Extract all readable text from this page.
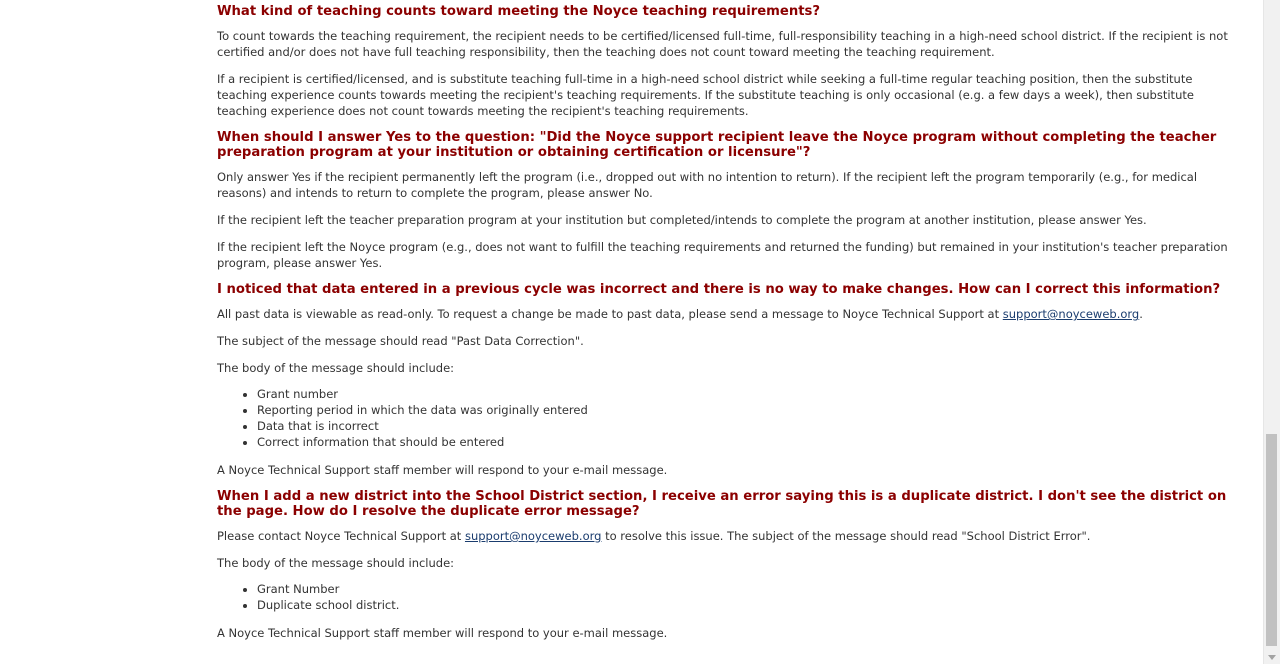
What kind of teaching counts toward meeting the Noyce teaching requirements?

To count towards the teaching requirement, the recipient needs to be certified/licensed full-time, full-responsibility teaching in a high-need school district. If the recipient is not certified and/or does not have full teaching responsibility, then the teaching does not count toward meeting the teaching requirement.

If a recipient is certified/licensed, and is substitute teaching full-time in a high-need school district while seeking a full-time regular teaching position, then the substitute teaching experience counts towards meeting the recipient's teaching requirements. If the substitute teaching is only occasional (e.g. a few days a week), then substitute teaching experience does not count towards meeting the recipient's teaching requirements.

When should I answer Yes to the question: "Did the Noyce support recipient leave the Noyce program without completing the teacher preparation program at your institution or obtaining certification or licensure"?

Only answer Yes if the recipient permanently left the program (i.e., dropped out with no intention to return). If the recipient left the program temporarily (e.g., for medical reasons) and intends to return to complete the program, please answer No.

If the recipient left the teacher preparation program at your institution but completed/intends to complete the program at another institution, please answer Yes.

If the recipient left the Noyce program (e.g., does not want to fulfill the teaching requirements and returned the funding) but remained in your institution's teacher preparation program, please answer Yes.

I noticed that data entered in a previous cycle was incorrect and there is no way to make changes. How can I correct this information?

All past data is viewable as read-only. To request a change be made to past data, please send a message to Noyce Technical Support at support@noyceweb.org.

The subject of the message should read "Past Data Correction".

The body of the message should include:

• Grant number
• Reporting period in which the data was originally entered
• Data that is incorrect
• Correct information that should be entered

A Noyce Technical Support staff member will respond to your e-mail message.

When I add a new district into the School District section, I receive an error saying this is a duplicate district. I don't see the district on the page. How do I resolve the duplicate error message?

Please contact Noyce Technical Support at support@noyceweb.org to resolve this issue. The subject of the message should read "School District Error".

The body of the message should include:

• Grant Number
• Duplicate school district.

A Noyce Technical Support staff member will respond to your e-mail message.
